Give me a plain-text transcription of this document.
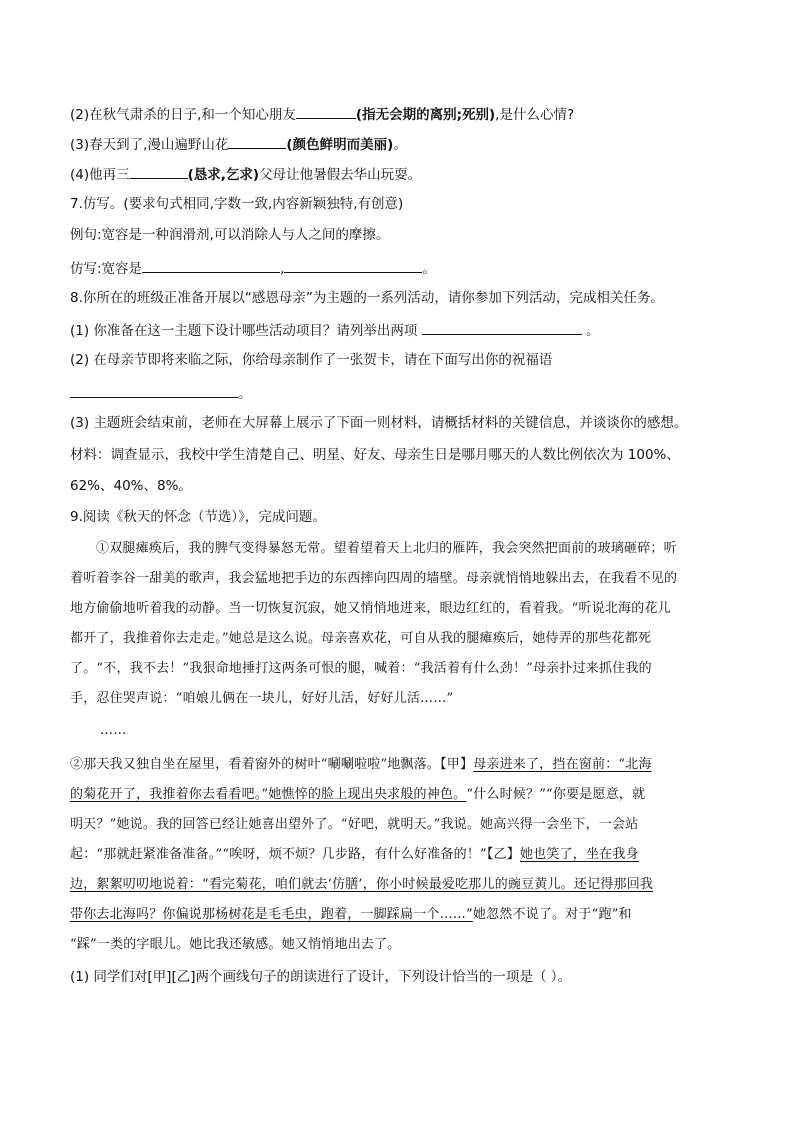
(2)在秋气肃杀的日子,和一个知心朋友	(指无会期的离别;死别),是什么心情?
(3)春天到了,漫山遍野山花	(颜色鲜明而美丽)。
(4)他再三	(恳求,乞求)父母让他暑假去华山玩耍。
7.仿写。(要求句式相同,字数一致,内容新颖独特,有创意)
例句:宽容是一种润滑剂,可以消除人与人之间的摩擦。
仿写:宽容是	,	。
8.你所在的班级正准备开展以“感恩母亲”为主题的一系列活动，请你参加下列活动，完成相关任务。
(1) 你准备在这一主题下设计哪些活动项目？请列举出两项	。
(2) 在母亲节即将来临之际，你给母亲制作了一张贺卡，请在下面写出你的祝福语
。
(3) 主题班会结束前，老师在大屏幕上展示了下面一则材料，请概括材料的关键信息，并谈谈你的感想。
材料：调查显示，我校中学生清楚自己、明星、好友、母亲生日是哪月哪天的人数比例依次为 100%、
62%、40%、8%。
9.阅读《秋天的怀念（节选）》，完成问题。
①双腿瘫痪后，我的脾气变得暴怒无常。望着望着天上北归的雁阵，我会突然把面前的玻璃砸碎；听
着听着李谷一甜美的歌声，我会猛地把手边的东西摔向四周的墙壁。母亲就悄悄地躲出去，在我看不见的
地方偷偷地听着我的动静。当一切恢复沉寂，她又悄悄地进来，眼边红红的，看着我。“听说北海的花儿
都开了，我推着你去走走。”她总是这么说。母亲喜欢花，可自从我的腿瘫痪后，她侍弄的那些花都死
了。“不，我不去！”我狠命地捶打这两条可恨的腿，喊着：“我活着有什么劲！”母亲扑过来抓住我的
手，忍住哭声说：“咱娘儿俩在一块儿，好好儿活，好好儿活……”
……
②那天我又独自坐在屋里，看着窗外的树叶“唰唰啦啦”地飘落。【甲】母亲进来了，挡在窗前：“北海
的菊花开了，我推着你去看看吧。”她憔悴的脸上现出央求般的神色。“什么时候？”“你要是愿意，就
明天？”她说。我的回答已经让她喜出望外了。“好吧，就明天。”我说。她高兴得一会坐下，一会站
起：“那就赶紧准备准备。”“唉呀，烦不烦？几步路，有什么好准备的！”【乙】她也笑了，坐在我身
边，絮絮叨叨地说着：“看完菊花，咱们就去‘仿膳’，你小时候最爱吃那儿的豌豆黄儿。还记得那回我
带你去北海吗？你偏说那杨树花是毛毛虫，跑着，一脚踩扁一个……”她忽然不说了。对于“跑”和
“踩”一类的字眼儿。她比我还敏感。她又悄悄地出去了。
(1) 同学们对[甲][乙]两个画线句子的朗读进行了设计，下列设计恰当的一项是（ ）。
